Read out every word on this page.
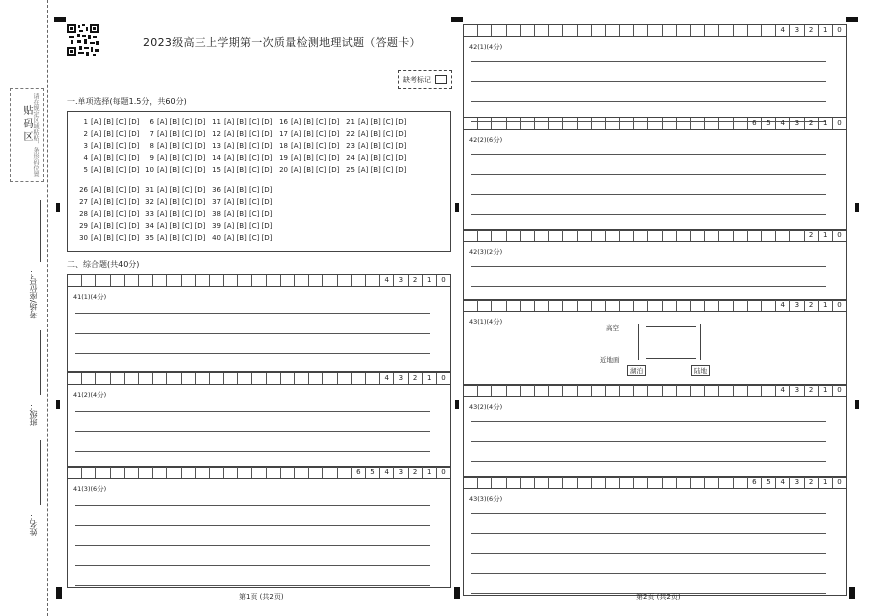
贴码区 请在规定区域粘贴，条形码位置
考场/座位号：
班级：
姓名：
2023级高三上学期第一次质量检测地理试题（答题卡）
缺考标记
一.单项选择(每题1.5分，共60分)
1 [A] [B] [C] [D]
2 [A] [B] [C] [D]
3 [A] [B] [C] [D]
4 [A] [B] [C] [D]
5 [A] [B] [C] [D]
6 [A] [B] [C] [D]
7 [A] [B] [C] [D]
8 [A] [B] [C] [D]
9 [A] [B] [C] [D]
10 [A] [B] [C] [D]
11 [A] [B] [C] [D]
12 [A] [B] [C] [D]
13 [A] [B] [C] [D]
14 [A] [B] [C] [D]
15 [A] [B] [C] [D]
16 [A] [B] [C] [D]
17 [A] [B] [C] [D]
18 [A] [B] [C] [D]
19 [A] [B] [C] [D]
20 [A] [B] [C] [D]
21 [A] [B] [C] [D]
22 [A] [B] [C] [D]
23 [A] [B] [C] [D]
24 [A] [B] [C] [D]
25 [A] [B] [C] [D]
26 [A] [B] [C] [D]
27 [A] [B] [C] [D]
28 [A] [B] [C] [D]
29 [A] [B] [C] [D]
30 [A] [B] [C] [D]
31 [A] [B] [C] [D]
32 [A] [B] [C] [D]
33 [A] [B] [C] [D]
34 [A] [B] [C] [D]
35 [A] [B] [C] [D]
36 [A] [B] [C] [D]
37 [A] [B] [C] [D]
38 [A] [B] [C] [D]
39 [A] [B] [C] [D]
40 [A] [B] [C] [D]
二、综合题(共40分)
4	3	2	1	0
41(1)(4分)
4	3	2	1	0
41(2)(4分)
6	5	4	3	2	1	0
41(3)(6分)
4	3	2	1	0
42(1)(4分)
6	5	4	3	2	1	0
42(2)(6分)
2	1	0
42(3)(2分)
4	3	2	1	0
43(1)(4分)
4	3	2	1	0
43(2)(4分)
6	5	4	3	2	1	0
43(3)(6分)
高空
近地面
湖泊	陆地
第1页 (共2页)	第2页 (共2页)
